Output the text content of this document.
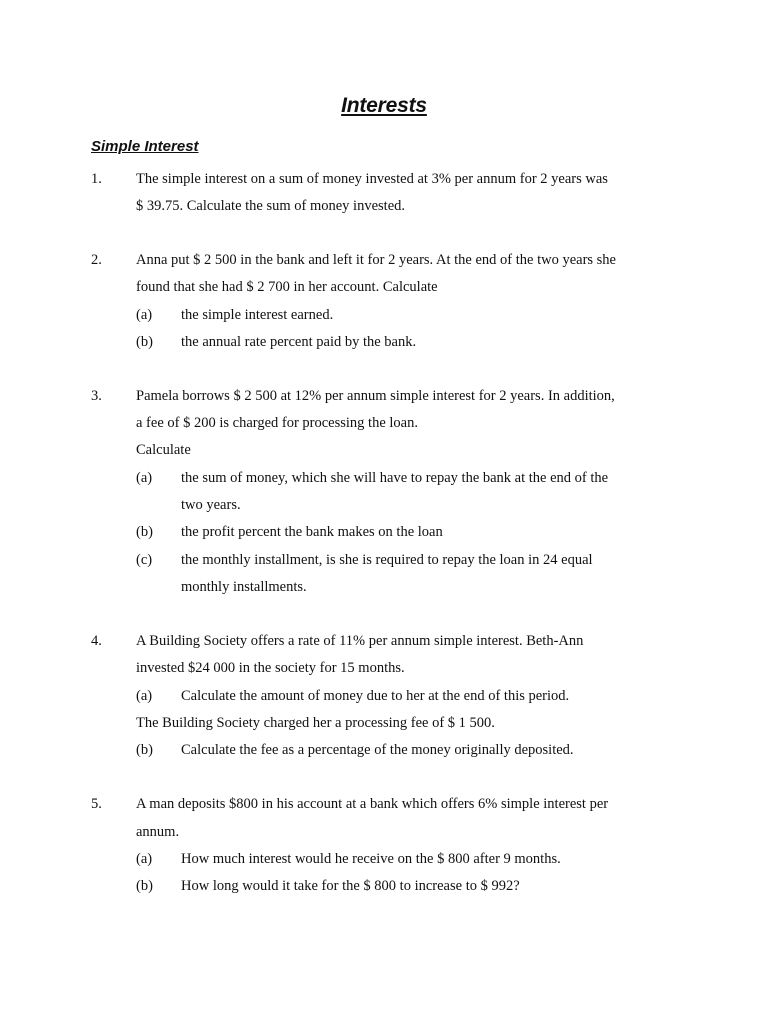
Interests
Simple Interest
1. The simple interest on a sum of money invested at 3% per annum for 2 years was
$ 39.75. Calculate the sum of money invested.
2. Anna put $ 2 500 in the bank and left it for 2 years. At the end of the two years she
found that she had $ 2 700 in her account. Calculate
(a) the simple interest earned.
(b) the annual rate percent paid by the bank.
3. Pamela borrows $ 2 500 at 12% per annum simple interest for 2 years. In addition,
a fee of $ 200 is charged for processing the loan.
Calculate
(a) the sum of money, which she will have to repay the bank at the end of the
two years.
(b) the profit percent the bank makes on the loan
(c) the monthly installment, is she is required to repay the loan in 24 equal
monthly installments.
4. A Building Society offers a rate of 11% per annum simple interest. Beth-Ann
invested $24 000 in the society for 15 months.
(a) Calculate the amount of money due to her at the end of this period.
The Building Society charged her a processing fee of $ 1 500.
(b) Calculate the fee as a percentage of the money originally deposited.
5. A man deposits $800 in his account at a bank which offers 6% simple interest per
annum.
(a) How much interest would he receive on the $ 800 after 9 months.
(b) How long would it take for the $ 800 to increase to $ 992?
